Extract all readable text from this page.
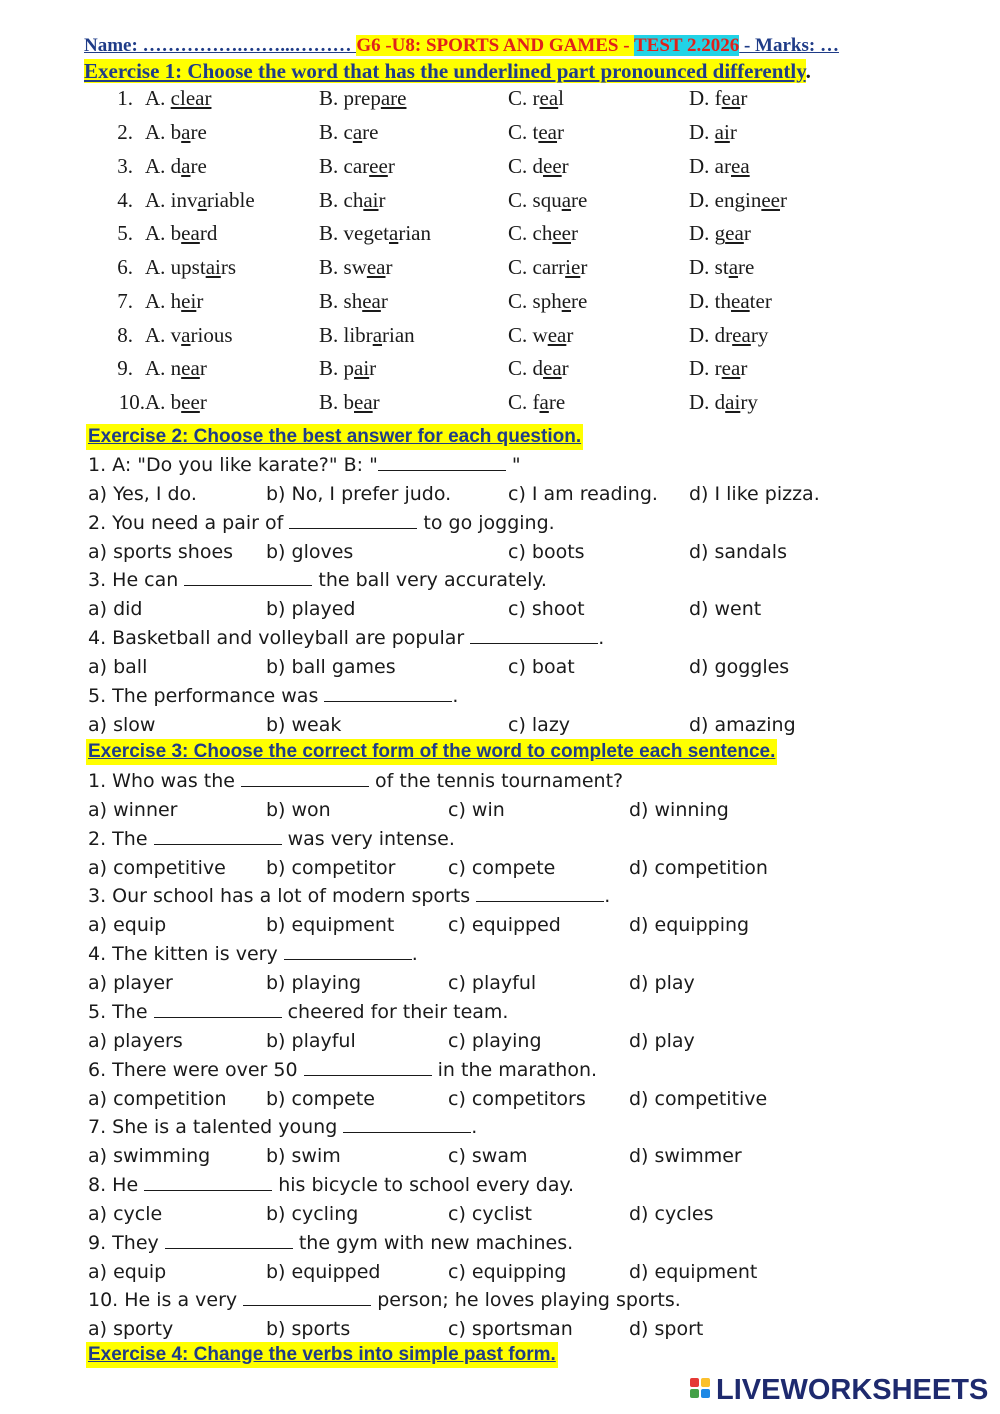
Name: …………….……...……… G6 -U8: SPORTS AND GAMES - TEST 2.2026 - Marks: …
Exercise 1: Choose the word that has the underlined part pronounced differently.
1. A. clear	B. prepare	C. real	D. fear
2. A. bare	B. care	C. tear	D. air
3. A. dare	B. career	C. deer	D. area
4. A. invariable	B. chair	C. square	D. engineer
5. A. beard	B. vegetarian	C. cheer	D. gear
6. A. upstairs	B. swear	C. carrier	D. stare
7. A. heir	B. shear	C. sphere	D. theater
8. A. various	B. librarian	C. wear	D. dreary
9. A. near	B. pair	C. dear	D. rear
10. A. beer	B. bear	C. fare	D. dairy
Exercise 2: Choose the best answer for each question.
1. A: "Do you like karate?" B: "	"
a) Yes, I do.	b) No, I prefer judo.	c) I am reading. d) I like pizza.
2. You need a pair of	to go jogging.
a) sports shoes b) gloves	c) boots	d) sandals
3. He can	the ball very accurately.
a) did	b) played	c) shoot	d) went
4. Basketball and volleyball are popular	.
a) ball	b) ball games	c) boat	d) goggles
5. The performance was	.
a) slow	b) weak	c) lazy	d) amazing
Exercise 3: Choose the correct form of the word to complete each sentence.
1. Who was the	of the tennis tournament?
a) winner	b) won	c) win	d) winning
2. The	was very intense.
a) competitive b) competitor	c) compete	d) competition
3. Our school has a lot of modern sports	.
a) equip	b) equipment	c) equipped	d) equipping
4. The kitten is very	.
a) player	b) playing	c) playful	d) play
5. The	cheered for their team.
a) players	b) playful	c) playing	d) play
6. There were over 50	in the marathon.
a) competition b) compete	c) competitors d) competitive
7. She is a talented young	.
a) swimming	b) swim	c) swam	d) swimmer
8. He	his bicycle to school every day.
a) cycle	b) cycling	c) cyclist	d) cycles
9. They	the gym with new machines.
a) equip	b) equipped	c) equipping	d) equipment
10. He is a very	person; he loves playing sports.
a) sporty	b) sports	c) sportsman	d) sport
Exercise 4: Change the verbs into simple past form.
LIVEWORKSHEETS
